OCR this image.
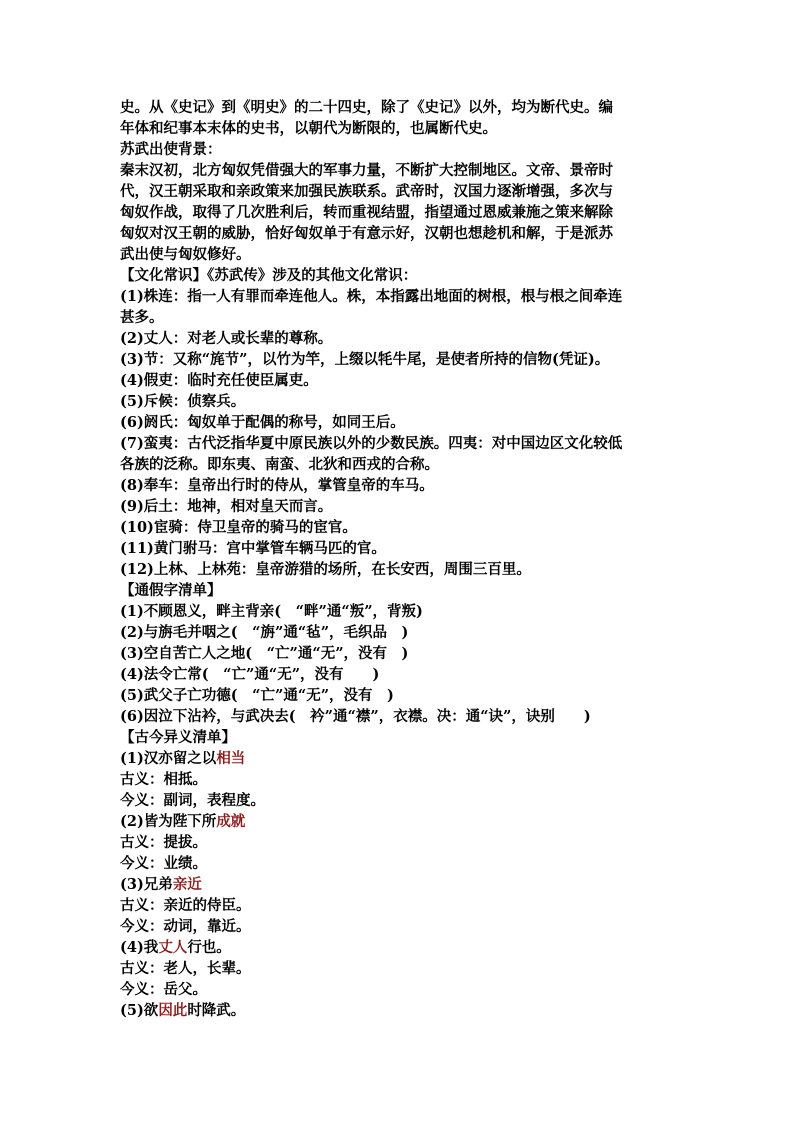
史。从《史记》到《明史》的二十四史，除了《史记》以外，均为断代史。编
年体和纪事本末体的史书，以朝代为断限的，也属断代史。
苏武出使背景：
秦末汉初，北方匈奴凭借强大的军事力量，不断扩大控制地区。文帝、景帝时
代，汉王朝采取和亲政策来加强民族联系。武帝时，汉国力逐渐增强，多次与
匈奴作战，取得了几次胜利后，转而重视结盟，指望通过恩威兼施之策来解除
匈奴对汉王朝的威胁，恰好匈奴单于有意示好，汉朝也想趁机和解，于是派苏
武出使与匈奴修好。
【文化常识】《苏武传》涉及的其他文化常识：
(1)株连：指一人有罪而牵连他人。株，本指露出地面的树根，根与根之间牵连
甚多。
(2)丈人：对老人或长辈的尊称。
(3)节：又称“旄节”，以竹为竿，上缀以牦牛尾，是使者所持的信物(凭证)。
(4)假吏：临时充任使臣属吏。
(5)斥候：侦察兵。
(6)阏氏：匈奴单于配偶的称号，如同王后。
(7)蛮夷：古代泛指华夏中原民族以外的少数民族。四夷：对中国边区文化较低
各族的泛称。即东夷、南蛮、北狄和西戎的合称。
(8)奉车：皇帝出行时的侍从，掌管皇帝的车马。
(9)后土：地神，相对皇天而言。
(10)宦骑：侍卫皇帝的骑马的宦官。
(11)黄门驸马：宫中掌管车辆马匹的官。
(12)上林、上林苑：皇帝游猎的场所，在长安西，周围三百里。
【通假字清单】
(1)不顾恩义，畔主背亲(　“畔”通“叛”，背叛)
(2)与旃毛并咽之(　“旃”通“毡”，毛织品　)
(3)空自苦亡人之地(　“亡”通“无”，没有　)
(4)法令亡常(　“亡”通“无”，没有　　)
(5)武父子亡功德(　“亡”通“无”，没有　)
(6)因泣下沾衿，与武决去(　衿”通“襟”，衣襟。决：通“诀”，诀别　　)
【古今异义清单】
(1)汉亦留之以相当
古义：相抵。
今义：副词，表程度。
(2)皆为陛下所成就
古义：提拔。
今义：业绩。
(3)兄弟亲近
古义：亲近的侍臣。
今义：动词，靠近。
(4)我丈人行也。
古义：老人，长辈。
今义：岳父。
(5)欲因此时降武。
